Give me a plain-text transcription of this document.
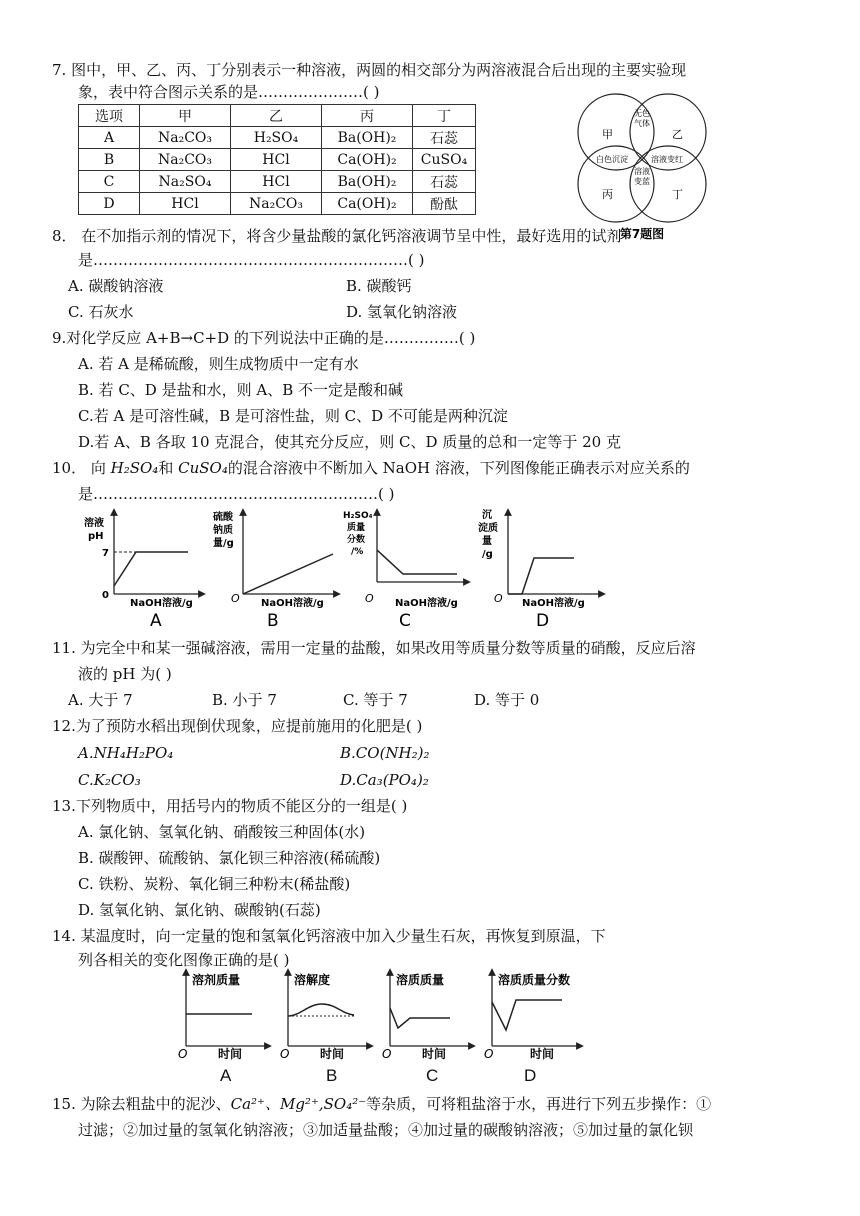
7. 图中，甲、乙、丙、丁分别表示一种溶液，两圆的相交部分为两溶液混合后出现的主要实验现
象，表中符合图示关系的是…………………( )
选项	甲	乙	丙	丁
A	Na₂CO₃	H₂SO₄	Ba(OH)₂	石蕊
B	Na₂CO₃	HCl	Ca(OH)₂	CuSO₄
C	Na₂SO₄	HCl	Ba(OH)₂	石蕊
D	HCl	Na₂CO₃	Ca(OH)₂	酚酞
甲	乙
丙	丁
无色气体
白色沉淀	溶液变红
溶液变蓝
第7题图
8． 在不加指示剂的情况下，将含少量盐酸的氯化钙溶液调节呈中性，最好选用的试剂
是………………………………………………………( )
A. 碳酸钠溶液	B. 碳酸钙
C. 石灰水	D. 氢氧化钠溶液
9.对化学反应 A+B→C+D 的下列说法中正确的是……………( )
A. 若 A 是稀硫酸，则生成物质中一定有水
B. 若 C、D 是盐和水，则 A、B 不一定是酸和碱
C.若 A 是可溶性碱，B 是可溶性盐，则 C、D 不可能是两种沉淀
D.若 A、B 各取 10 克混合，使其充分反应，则 C、D 质量的总和一定等于 20 克
10． 向 H₂SO₄和 CuSO₄的混合溶液中不断加入 NaOH 溶液，下列图像能正确表示对应关系的
是…………………………………………………( )
溶液
pH
7
0
NaOH溶液/g
A
硫酸
钠质
量/g
O NaOH溶液/g
B
H₂SO₄
质量
分数
/%
O NaOH溶液/g
C
沉
淀质
量
/g
O NaOH溶液/g
D
11. 为完全中和某一强碱溶液，需用一定量的盐酸，如果改用等质量分数等质量的硝酸，反应后溶
液的 pH 为( )
A. 大于 7	B. 小于 7	C. 等于 7	D. 等于 0
12.为了预防水稻出现倒伏现象，应提前施用的化肥是( )
A.NH₄H₂PO₄	B.CO(NH₂)₂
C.K₂CO₃	D.Ca₃(PO₄)₂
13.下列物质中，用括号内的物质不能区分的一组是( )
A. 氯化钠、氢氧化钠、硝酸铵三种固体(水)
B. 碳酸钾、硫酸钠、氯化钡三种溶液(稀硫酸)
C. 铁粉、炭粉、氧化铜三种粉末(稀盐酸)
D. 氢氧化钠、氯化钠、碳酸钠(石蕊)
14. 某温度时，向一定量的饱和氢氧化钙溶液中加入少量生石灰，再恢复到原温，下
列各相关的变化图像正确的是( )
溶剂质量
O	时间
溶解度
O	时间
溶质质量
O	时间
溶质质量分数
O	时间
A	B	C	D
15. 为除去粗盐中的泥沙、Ca²⁺、Mg²⁺,SO₄²⁻等杂质，可将粗盐溶于水，再进行下列五步操作：①
过滤；②加过量的氢氧化钠溶液；③加适量盐酸；④加过量的碳酸钠溶液；⑤加过量的氯化钡
